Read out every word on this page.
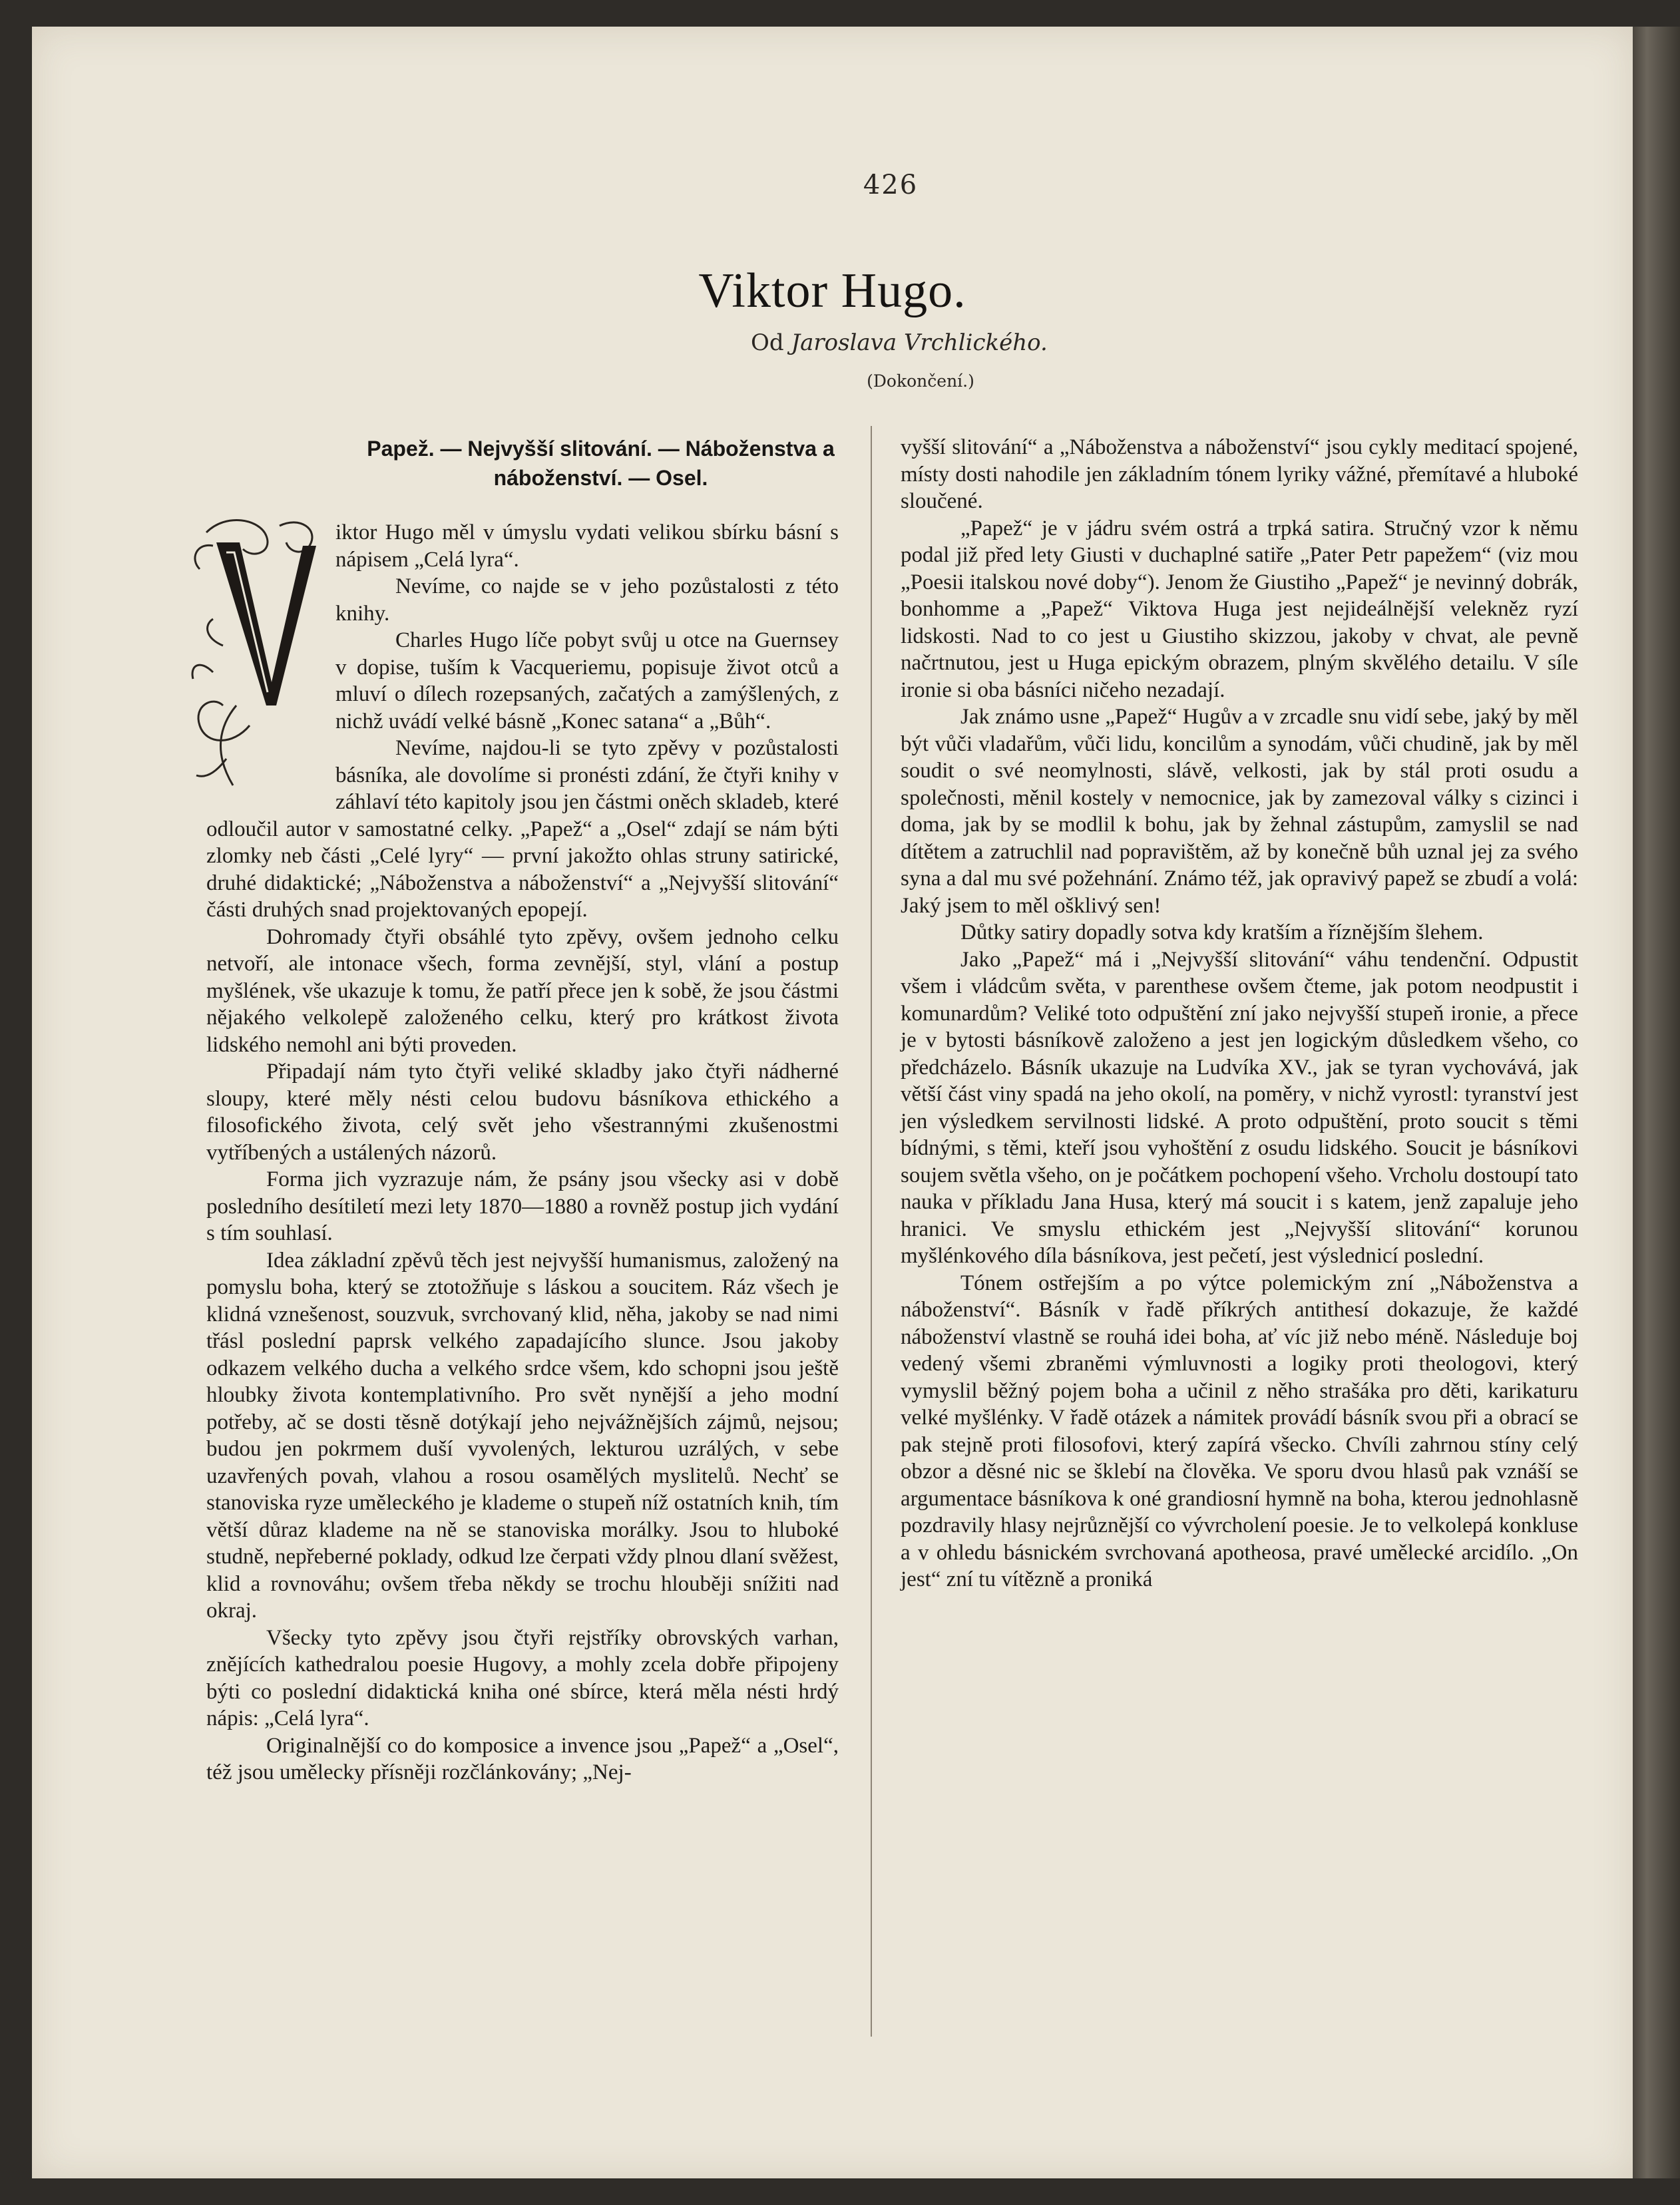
426
Viktor Hugo.
Od Jaroslava Vrchlického.
(Dokončení.)
Papež. — Nejvyšší slitování. — Náboženstva a náboženství. — Osel.
V

iktor Hugo měl v úmyslu vydati velikou sbírku básní s nápisem „Celá lyra“.

Nevíme, co najde se v jeho pozůstalosti z této knihy.

Charles Hugo líče pobyt svůj u otce na Guernsey v dopise, tuším k Vacqueriemu, popisuje život otců a mluví o dílech rozepsaných, začatých a zamýšlených, z nichž uvádí velké básně „Konec satana“ a „Bůh“.

Nevíme, najdou-li se tyto zpěvy v pozůstalosti básníka, ale dovolíme si pronésti zdání, že čtyři knihy v záhlaví této kapitoly jsou jen částmi oněch skladeb, které odloučil autor v samostatné celky. „Papež“ a „Osel“ zdají se nám býti zlomky neb části „Celé lyry“ — první jakožto ohlas struny satirické, druhé didaktické; „Náboženstva a náboženství“ a „Nejvyšší slitování“ části druhých snad projektovaných epopejí.

Dohromady čtyři obsáhlé tyto zpěvy, ovšem jednoho celku netvoří, ale intonace všech, forma zevnější, styl, vlání a postup myšlének, vše ukazuje k tomu, že patří přece jen k sobě, že jsou částmi nějakého velkolepě založeného celku, který pro krátkost života lidského nemohl ani býti proveden.

Připadají nám tyto čtyři veliké skladby jako čtyři nádherné sloupy, které měly nésti celou budovu básníkova ethického a filosofického života, celý svět jeho všestrannými zkušenostmi vytříbených a ustálených názorů.

Forma jich vyzrazuje nám, že psány jsou všecky asi v době posledního desítiletí mezi lety 1870—1880 a rovněž postup jich vydání s tím souhlasí.

Idea základní zpěvů těch jest nejvyšší humanismus, založený na pomyslu boha, který se ztotožňuje s láskou a soucitem. Ráz všech je klidná vznešenost, souzvuk, svrchovaný klid, něha, jakoby se nad nimi třásl poslední paprsk velkého zapadajícího slunce. Jsou jakoby odkazem velkého ducha a velkého srdce všem, kdo schopni jsou ještě hloubky života kontemplativního. Pro svět nynější a jeho modní potřeby, ač se dosti těsně dotýkají jeho nejvážnějších zájmů, nejsou; budou jen pokrmem duší vyvolených, lekturou uzrálých, v sebe uzavřených povah, vlahou a rosou osamělých myslitelů. Nechť se stanoviska ryze uměleckého je klademe o stupeň níž ostatních knih, tím větší důraz klademe na ně se stanoviska morálky. Jsou to hluboké studně, nepřeberné poklady, odkud lze čerpati vždy plnou dlaní svěžest, klid a rovnováhu; ovšem třeba někdy se trochu hlouběji snížiti nad okraj.

Všecky tyto zpěvy jsou čtyři rejstříky obrovských varhan, znějících kathedralou poesie Hugovy, a mohly zcela dobře připojeny býti co poslední didaktická kniha oné sbírce, která měla nésti hrdý nápis: „Celá lyra“.

Originalnější co do komposice a invence jsou „Papež“ a „Osel“, též jsou umělecky přísněji rozčlánkovány; „Nej-

vyšší slitování“ a „Náboženstva a náboženství“ jsou cykly meditací spojené, místy dosti nahodile jen základním tónem lyriky vážné, přemítavé a hluboké sloučené.

„Papež“ je v jádru svém ostrá a trpká satira. Stručný vzor k němu podal již před lety Giusti v duchaplné satiře „Pater Petr papežem“ (viz mou „Poesii italskou nové doby“). Jenom že Giustiho „Papež“ je nevinný dobrák, bonhomme a „Papež“ Viktova Huga jest nejideálnější velekněz ryzí lidskosti. Nad to co jest u Giustiho skizzou, jakoby v chvat, ale pevně načrtnutou, jest u Huga epickým obrazem, plným skvělého detailu. V síle ironie si oba básníci ničeho nezadají.

Jak známo usne „Papež“ Hugův a v zrcadle snu vidí sebe, jaký by měl být vůči vladařům, vůči lidu, koncilům a synodám, vůči chudině, jak by měl soudit o své neomylnosti, slávě, velkosti, jak by stál proti osudu a společnosti, měnil kostely v nemocnice, jak by zamezoval války s cizinci i doma, jak by se modlil k bohu, jak by žehnal zástupům, zamyslil se nad dítětem a zatruchlil nad popravištěm, až by konečně bůh uznal jej za svého syna a dal mu své požehnání. Známo též, jak opravivý papež se zbudí a volá: Jaký jsem to měl ošklivý sen!

Důtky satiry dopadly sotva kdy kratším a říznějším šlehem.

Jako „Papež“ má i „Nejvyšší slitování“ váhu tendenční. Odpustit všem i vládcům světa, v parenthese ovšem čteme, jak potom neodpustit i komunardům? Veliké toto odpuštění zní jako nejvyšší stupeň ironie, a přece je v bytosti básníkově založeno a jest jen logickým důsledkem všeho, co předcházelo. Básník ukazuje na Ludvíka XV., jak se tyran vychovává, jak větší část viny spadá na jeho okolí, na poměry, v nichž vyrostl: tyranství jest jen výsledkem servilnosti lidské. A proto odpuštění, proto soucit s těmi bídnými, s těmi, kteří jsou vyhoštění z osudu lidského. Soucit je básníkovi soujem světla všeho, on je počátkem pochopení všeho. Vrcholu dostoupí tato nauka v příkladu Jana Husa, který má soucit i s katem, jenž zapaluje jeho hranici. Ve smyslu ethickém jest „Nejvyšší slitování“ korunou myšlénkového díla básníkova, jest pečetí, jest výslednicí poslední.

Tónem ostřejším a po výtce polemickým zní „Náboženstva a náboženství“. Básník v řadě příkrých antithesí dokazuje, že každé náboženství vlastně se rouhá idei boha, ať víc již nebo méně. Následuje boj vedený všemi zbraněmi výmluvnosti a logiky proti theologovi, který vymyslil běžný pojem boha a učinil z něho strašáka pro děti, karikaturu velké myšlénky. V řadě otázek a námitek provádí básník svou při a obrací se pak stejně proti filosofovi, který zapírá všecko. Chvíli zahrnou stíny celý obzor a děsné nic se šklebí na člověka. Ve sporu dvou hlasů pak vznáší se argumentace básníkova k oné grandiosní hymně na boha, kterou jednohlasně pozdravily hlasy nejrůznější co vývrcholení poesie. Je to velkolepá konkluse a v ohledu básnickém svrchovaná apotheosa, pravé umělecké arcidílo. „On jest“ zní tu vítězně a proniká
